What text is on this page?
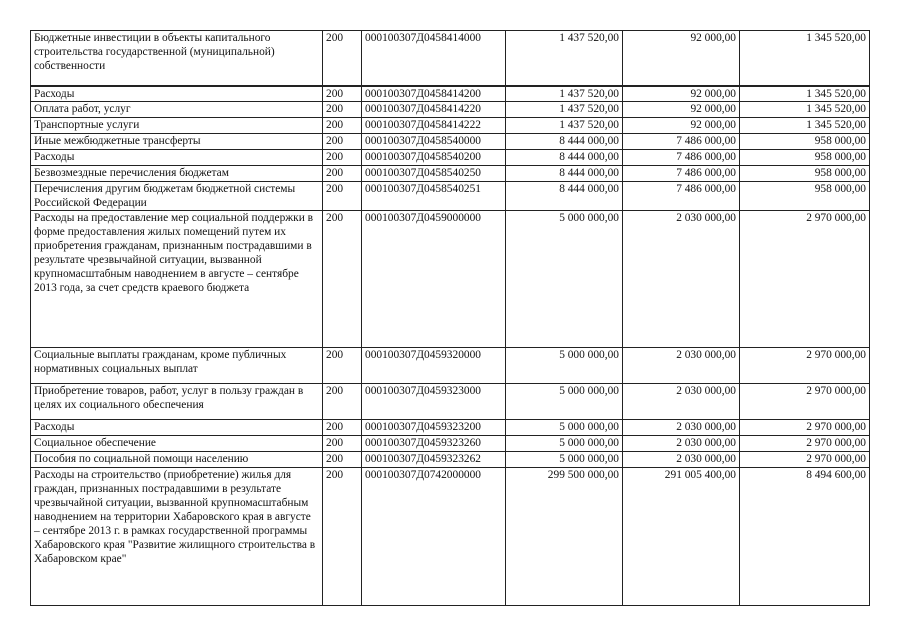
Бюджетные инвестиции в объекты капитального строительства государственной (муниципальной) собственности	200	000100307Д0458414000	1 437 520,00	92 000,00	1 345 520,00
Расходы	200	000100307Д0458414200	1 437 520,00	92 000,00	1 345 520,00
Оплата работ, услуг	200	000100307Д0458414220	1 437 520,00	92 000,00	1 345 520,00
Транспортные услуги	200	000100307Д0458414222	1 437 520,00	92 000,00	1 345 520,00
Иные межбюджетные трансферты	200	000100307Д0458540000	8 444 000,00	7 486 000,00	958 000,00
Расходы	200	000100307Д0458540200	8 444 000,00	7 486 000,00	958 000,00
Безвозмездные перечисления бюджетам	200	000100307Д0458540250	8 444 000,00	7 486 000,00	958 000,00
Перечисления другим бюджетам бюджетной системы Российской Федерации	200	000100307Д0458540251	8 444 000,00	7 486 000,00	958 000,00
Расходы на предоставление мер социальной поддержки в форме предоставления жилых помещений путем их приобретения гражданам, признанным пострадавшими в результате чрезвычайной ситуации, вызванной крупномасштабным наводнением в августе – сентябре 2013 года, за счет средств краевого бюджета	200	000100307Д0459000000	5 000 000,00	2 030 000,00	2 970 000,00
Социальные выплаты гражданам, кроме публичных нормативных социальных выплат	200	000100307Д0459320000	5 000 000,00	2 030 000,00	2 970 000,00
Приобретение товаров, работ, услуг в пользу граждан в целях их социального обеспечения	200	000100307Д0459323000	5 000 000,00	2 030 000,00	2 970 000,00
Расходы	200	000100307Д0459323200	5 000 000,00	2 030 000,00	2 970 000,00
Социальное обеспечение	200	000100307Д0459323260	5 000 000,00	2 030 000,00	2 970 000,00
Пособия по социальной помощи населению	200	000100307Д0459323262	5 000 000,00	2 030 000,00	2 970 000,00
Расходы на строительство (приобретение) жилья для граждан, признанных пострадавшими в результате чрезвычайной ситуации, вызванной крупномасштабным наводнением на территории Хабаровского края в августе – сентябре 2013 г. в рамках государственной программы Хабаровского края "Развитие жилищного строительства в Хабаровском крае"	200	000100307Д0742000000	299 500 000,00	291 005 400,00	8 494 600,00
